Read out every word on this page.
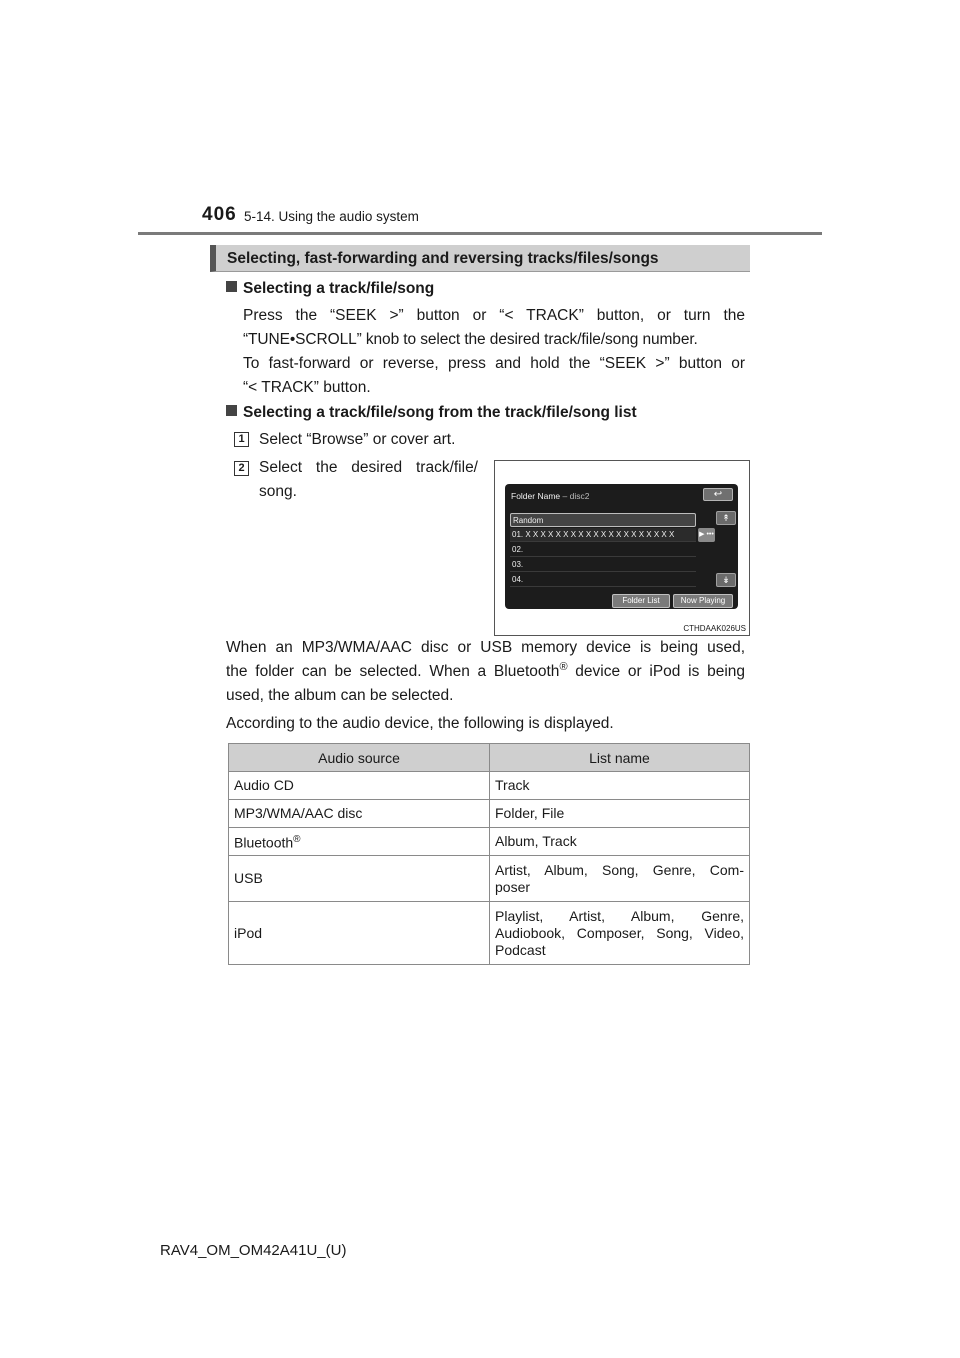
406 5-14. Using the audio system
Selecting, fast-forwarding and reversing tracks/files/songs
Selecting a track/file/song
Press the “SEEK >” button or “< TRACK” button, or turn the
“TUNE•SCROLL” knob to select the desired track/file/song number.
To fast-forward or reverse, press and hold the “SEEK >” button or
“< TRACK” button.
Selecting a track/file/song from the track/file/song list
1 Select “Browse” or cover art.
2 Select the desired track/file/
song.	Folder Name – disc2	↩
Random
01. X X X X X X X X X X X X X X X X X X X X
02.
03.
04.
▶ •••
↟
↡
Folder List	Now Playing
CTHDAAK026US
When an MP3/WMA/AAC disc or USB memory device is being used,
the folder can be selected. When a Bluetooth® device or iPod is being
used, the album can be selected.
According to the audio device, the following is displayed.
Audio source	List name
Audio CD	Track
MP3/WMA/AAC disc	Folder, File
Bluetooth®	Album, Track
USB	Artist, Album, Song, Genre, Com-
poser

iPod	Playlist, Artist, Album, Genre,
Audiobook, Composer, Song, Video,
Podcast
RAV4_OM_OM42A41U_(U)
